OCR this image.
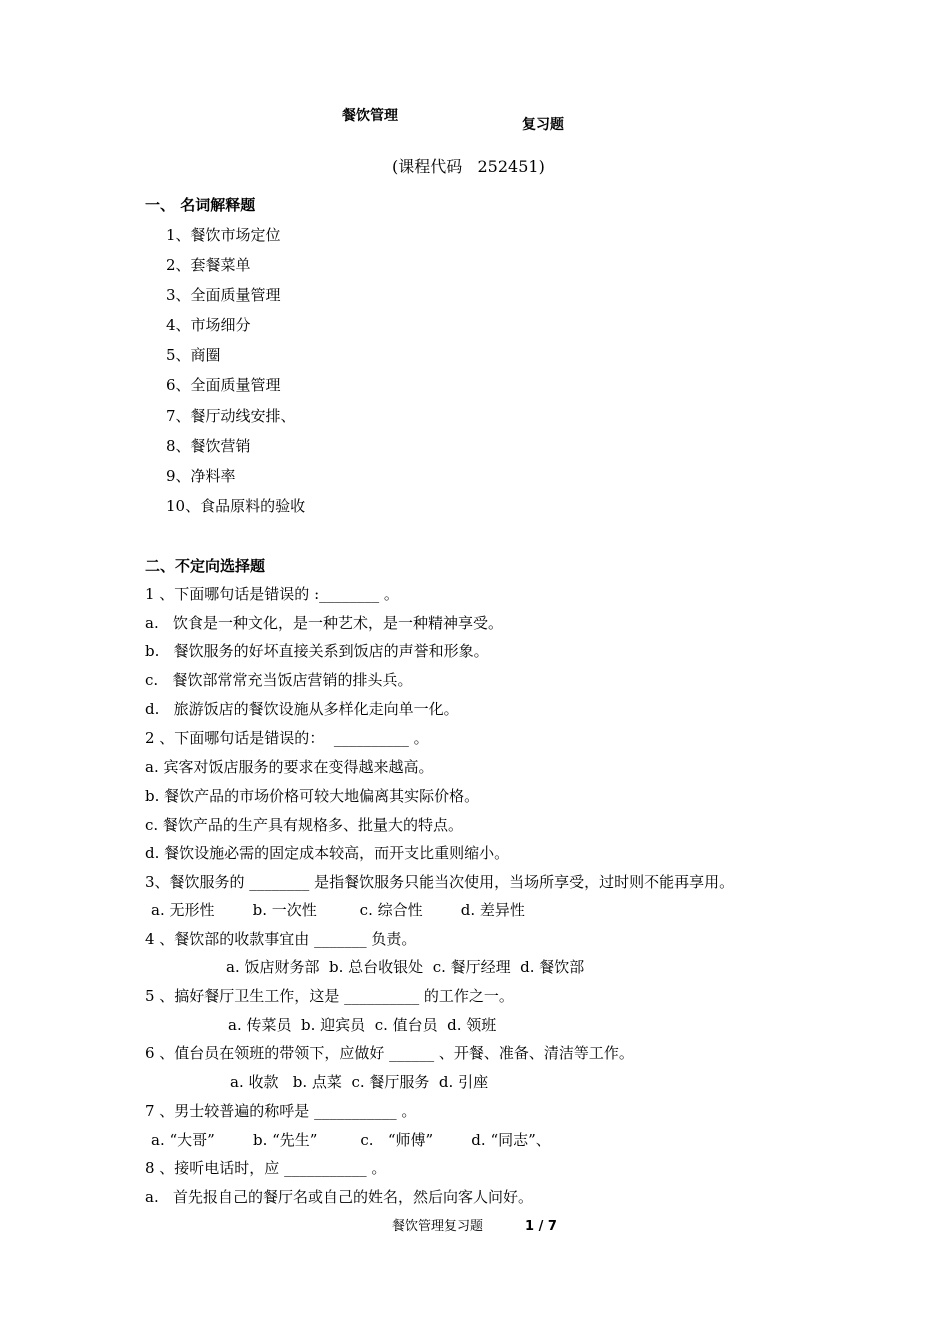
餐饮管理
复习题
(课程代码   252451)
一、 名词解释题
1、餐饮市场定位
2、套餐菜单
3、全面质量管理
4、市场细分
5、商圈
6、全面质量管理
7、餐厅动线安排、
8、餐饮营销
9、净料率
10、食品原料的验收
二、不定向选择题
1 、下面哪句话是错误的 :________ 。
a.   饮食是一种文化，是一种艺术，是一种精神享受。
b.   餐饮服务的好坏直接关系到饭店的声誉和形象。
c.   餐饮部常常充当饭店营销的排头兵。
d.   旅游饭店的餐饮设施从多样化走向单一化。
2 、下面哪句话是错误的：  __________ 。
a. 宾客对饭店服务的要求在变得越来越高。
b. 餐饮产品的市场价格可较大地偏离其实际价格。
c. 餐饮产品的生产具有规格多、批量大的特点。
d. 餐饮设施必需的固定成本较高，而开支比重则缩小。
3、餐饮服务的 ________ 是指餐饮服务只能当次使用，当场所享受，过时则不能再享用。
a. 无形性        b. 一次性         c. 综合性        d. 差异性
4 、餐饮部的收款事宜由 _______ 负责。
a. 饭店财务部  b. 总台收银处  c. 餐厅经理  d. 餐饮部
5 、搞好餐厅卫生工作，这是 __________ 的工作之一。
a. 传菜员  b. 迎宾员  c. 值台员  d. 领班
6 、值台员在领班的带领下，应做好 ______ 、开餐、准备、清洁等工作。
a. 收款   b. 点菜  c. 餐厅服务  d. 引座
7 、男士较普遍的称呼是 ___________ 。
a. “大哥”        b. “先生”         c.   “师傅”        d. “同志”、
8 、接听电话时，应 ___________ 。
a.   首先报自己的餐厅名或自己的姓名，然后向客人问好。
餐饮管理复习题	1 / 7
